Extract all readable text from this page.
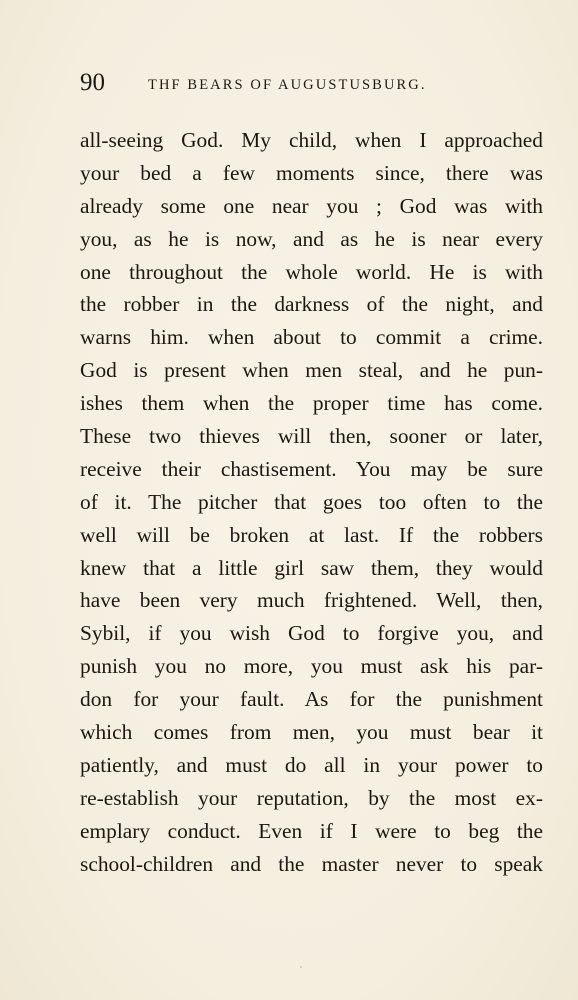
90	THF BEARS OF AUGUSTUSBURG.
all-seeing God. My child, when I approached
your bed a few moments since, there was
already some one near you ; God was with
you, as he is now, and as he is near every
one throughout the whole world. He is with
the robber in the darkness of the night, and
warns him. when about to commit a crime.
God is present when men steal, and he pun-
ishes them when the proper time has come.
These two thieves will then, sooner or later,
receive their chastisement. You may be sure
of it. The pitcher that goes too often to the
well will be broken at last. If the robbers
knew that a little girl saw them, they would
have been very much frightened. Well, then,
Sybil, if you wish God to forgive you, and
punish you no more, you must ask his par-
don for your fault. As for the punishment
which comes from men, you must bear it
patiently, and must do all in your power to
re-establish your reputation, by the most ex-
emplary conduct. Even if I were to beg the
school-children and the master never to speak
